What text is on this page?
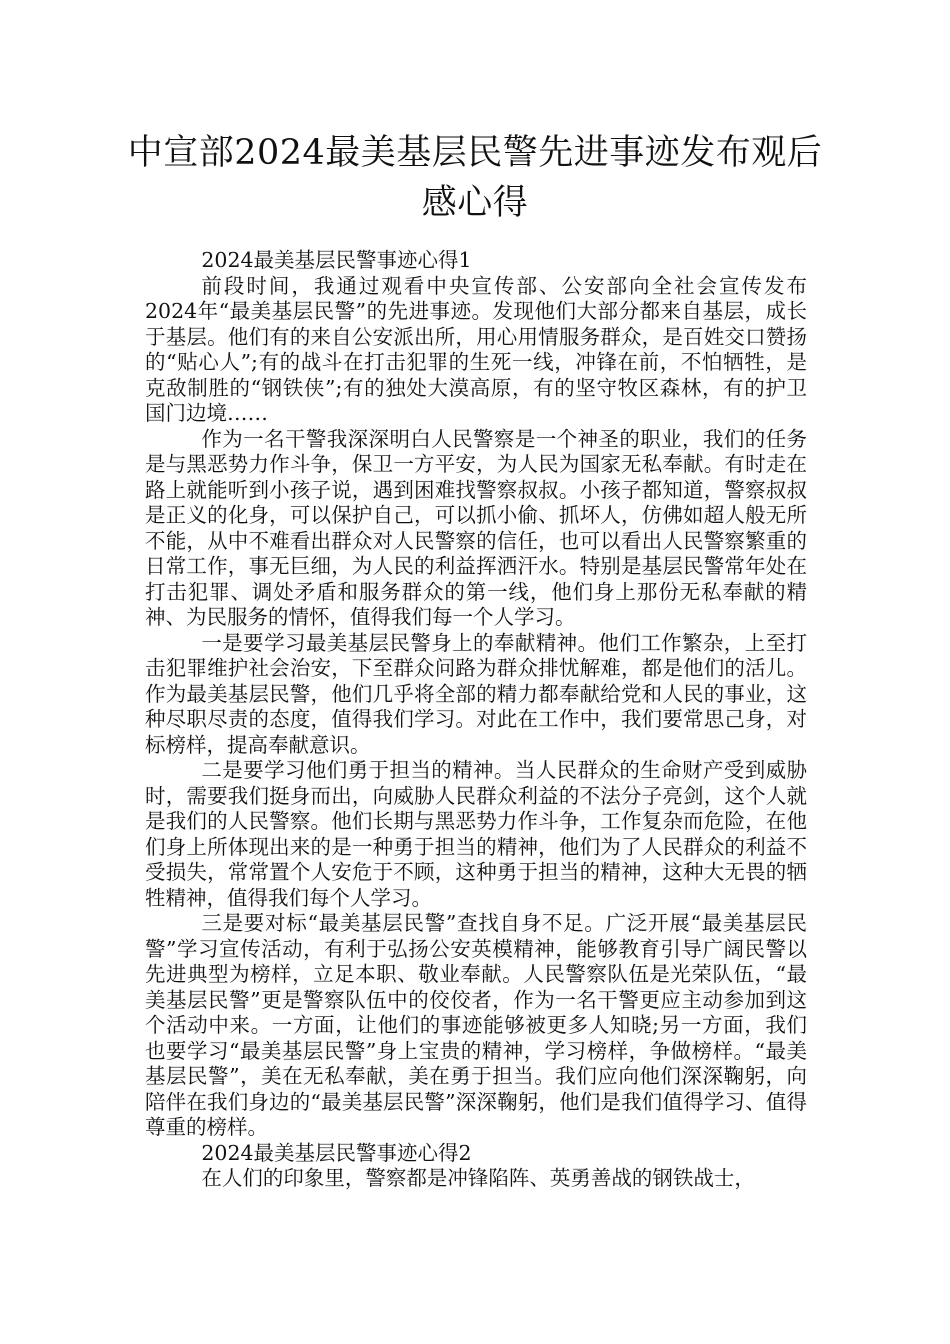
中宣部2024最美基层民警先进事迹发布观后感心得

2024最美基层民警事迹心得1

前段时间，我通过观看中央宣传部、公安部向全社会宣传发布2024年“最美基层民警”的先进事迹。发现他们大部分都来自基层，成长于基层。他们有的来自公安派出所，用心用情服务群众，是百姓交口赞扬的“贴心人”;有的战斗在打击犯罪的生死一线，冲锋在前，不怕牺牲，是克敌制胜的“钢铁侠”;有的独处大漠高原，有的坚守牧区森林，有的护卫国门边境……

作为一名干警我深深明白人民警察是一个神圣的职业，我们的任务是与黑恶势力作斗争，保卫一方平安，为人民为国家无私奉献。有时走在路上就能听到小孩子说，遇到困难找警察叔叔。小孩子都知道，警察叔叔是正义的化身，可以保护自己，可以抓小偷、抓坏人，仿佛如超人般无所不能，从中不难看出群众对人民警察的信任，也可以看出人民警察繁重的日常工作，事无巨细，为人民的利益挥洒汗水。特别是基层民警常年处在打击犯罪、调处矛盾和服务群众的第一线，他们身上那份无私奉献的精神、为民服务的情怀，值得我们每一个人学习。

一是要学习最美基层民警身上的奉献精神。他们工作繁杂，上至打击犯罪维护社会治安，下至群众问路为群众排忧解难，都是他们的活儿。作为最美基层民警，他们几乎将全部的精力都奉献给党和人民的事业，这种尽职尽责的态度，值得我们学习。对此在工作中，我们要常思己身，对标榜样，提高奉献意识。

二是要学习他们勇于担当的精神。当人民群众的生命财产受到威胁时，需要我们挺身而出，向威胁人民群众利益的不法分子亮剑，这个人就是我们的人民警察。他们长期与黑恶势力作斗争，工作复杂而危险，在他们身上所体现出来的是一种勇于担当的精神，他们为了人民群众的利益不受损失，常常置个人安危于不顾，这种勇于担当的精神，这种大无畏的牺牲精神，值得我们每个人学习。

三是要对标“最美基层民警”查找自身不足。广泛开展“最美基层民警”学习宣传活动，有利于弘扬公安英模精神，能够教育引导广阔民警以先进典型为榜样，立足本职、敬业奉献。人民警察队伍是光荣队伍，“最美基层民警”更是警察队伍中的佼佼者，作为一名干警更应主动参加到这个活动中来。一方面，让他们的事迹能够被更多人知晓;另一方面，我们也要学习“最美基层民警”身上宝贵的精神，学习榜样，争做榜样。“最美基层民警”，美在无私奉献，美在勇于担当。我们应向他们深深鞠躬，向陪伴在我们身边的“最美基层民警”深深鞠躬，他们是我们值得学习、值得尊重的榜样。

2024最美基层民警事迹心得2

在人们的印象里，警察都是冲锋陷阵、英勇善战的钢铁战士，
